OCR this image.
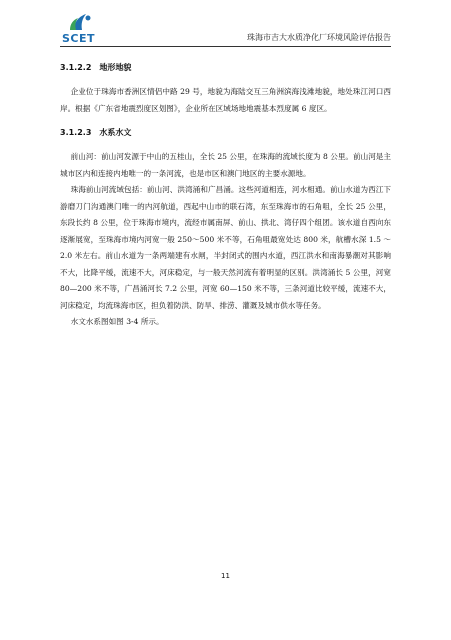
SCET	珠海市吉大水质净化厂环境风险评估报告
3.1.2.2 地形地貌

企业位于珠海市香洲区情侣中路 29 号，地貌为海陆交互三角洲滨海浅滩地貌，地处珠江河口西岸。根据《广东省地震烈度区划图》，企业所在区域场地地震基本烈度属 6 度区。

3.1.2.3 水系水文

前山河：前山河发源于中山的五桂山，全长 25 公里，在珠海的流域长度为 8 公里。前山河是主城市区内和连接内地唯一的一条河流，也是市区和澳门地区的主要水源地。

珠海前山河流域包括：前山河、洪湾涌和广昌涌。这些河道相连，河水相通。前山水道为西江下游磨刀门沟通澳门唯一的内河航道，西起中山市的联石湾，东至珠海市的石角咀，全长 25 公里，东段长约 8 公里，位于珠海市境内，流经市属南屏、前山、拱北、湾仔四个组团。该水道自西向东逐渐展宽，至珠海市境内河宽一般 250～500 米不等，石角咀最宽处达 800 米，航槽水深 1.5 ～2.0 米左右。前山水道为一条两端建有水闸，半封闭式的围内水道，西江洪水和南海暴潮对其影响不大，比降平缓，流速不大，河床稳定，与一般天然河流有着明显的区别。洪湾涌长 5 公里，河宽 80—200 米不等，广昌涌河长 7.2 公里，河宽 60—150 米不等，三条河道比较平缓，流速不大，河床稳定，均流珠海市区，担负着防洪、防旱、排涝、灌溉及城市供水等任务。

水文水系图如图 3-4 所示。

11
